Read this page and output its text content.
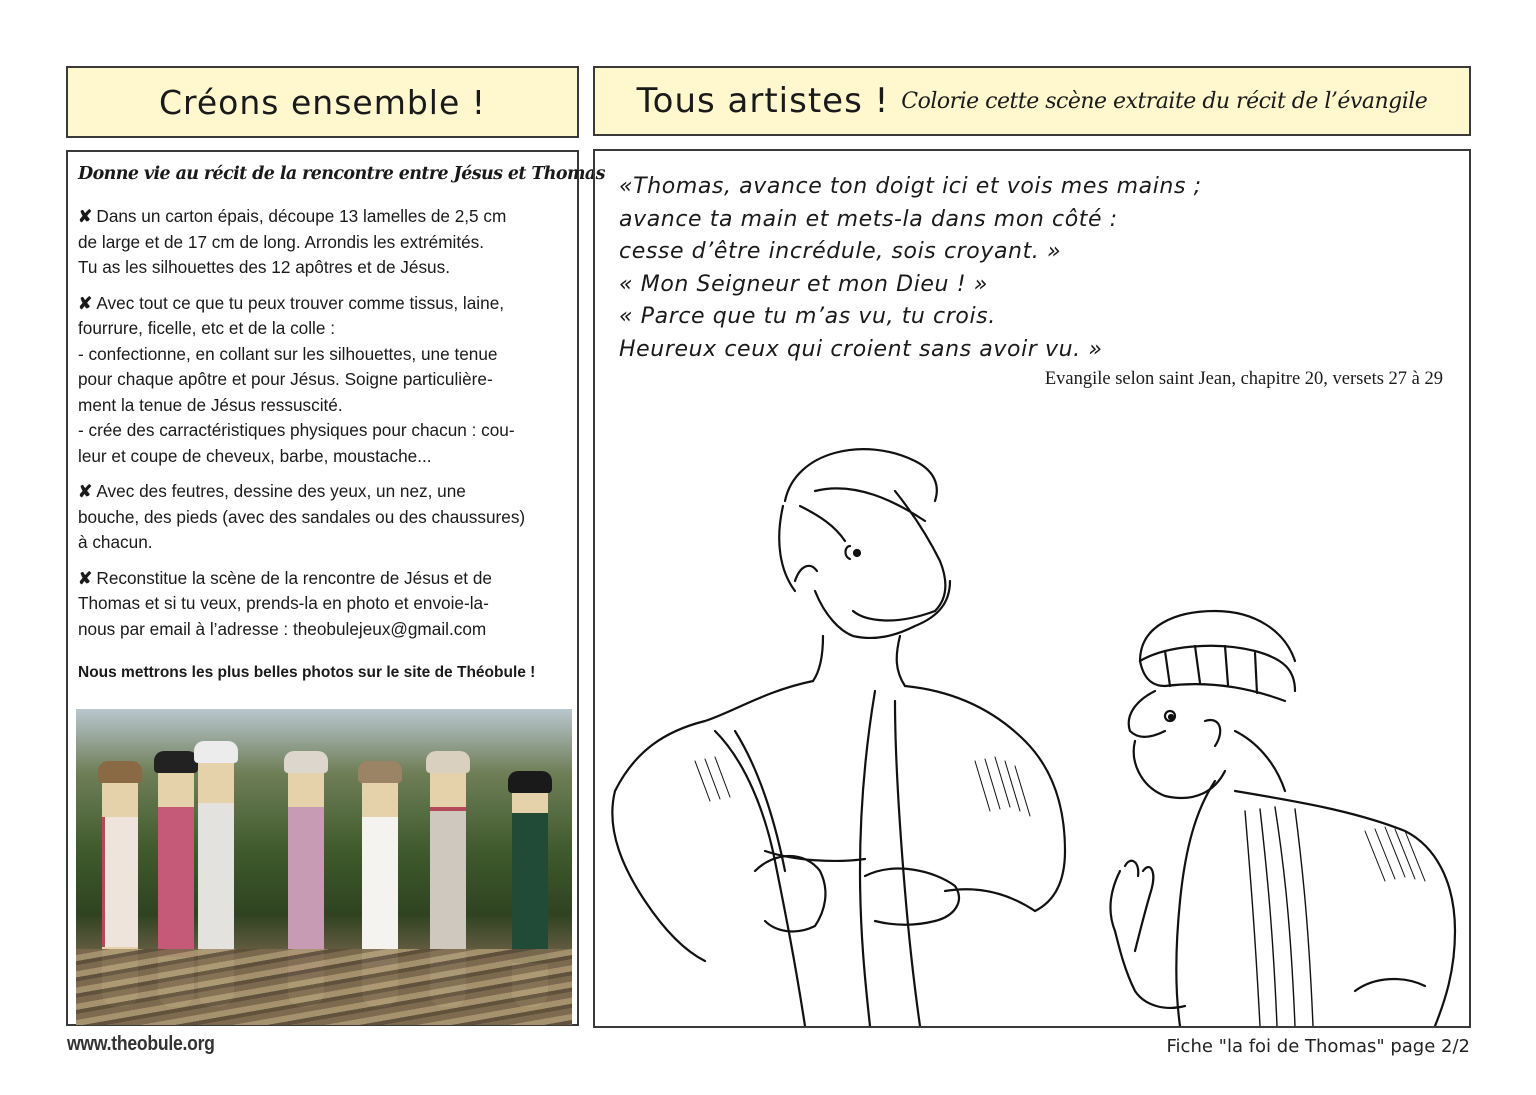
Créons ensemble !	Tous artistes ! Colorie cette scène extraite du récit de l’évangile
Donne vie au récit de la rencontre entre Jésus et Thomas
✘ Dans un carton épais, découpe 13 lamelles de 2,5 cm
de large et de 17 cm de long. Arrondis les extrémités.
Tu as les silhouettes des 12 apôtres et de Jésus.
✘ Avec tout ce que tu peux trouver comme tissus, laine,
fourrure, ficelle, etc et de la colle :
- confectionne, en collant sur les silhouettes, une tenue
pour chaque apôtre et pour Jésus. Soigne particulière-
ment la tenue de Jésus ressuscité.
- crée des carractéristiques physiques pour chacun : cou-
leur et coupe de cheveux, barbe, moustache...
✘ Avec des feutres, dessine des yeux, un nez, une
bouche, des pieds (avec des sandales ou des chaussures)
à chacun.
✘ Reconstitue la scène de la rencontre de Jésus et de
Thomas et si tu veux, prends-la en photo et envoie-la-
nous par email à l’adresse : theobulejeux@gmail.com
Nous mettrons les plus belles photos sur le site de Théobule !
«Thomas, avance ton doigt ici et vois mes mains ;
avance ta main et mets-la dans mon côté :
cesse d’être incrédule, sois croyant. »
« Mon Seigneur et mon Dieu ! »
« Parce que tu m’as vu, tu crois.
Heureux ceux qui croient sans avoir vu. »
Evangile selon saint Jean, chapitre 20, versets 27 à 29
www.theobule.org	Fiche "la foi de Thomas" page 2/2
